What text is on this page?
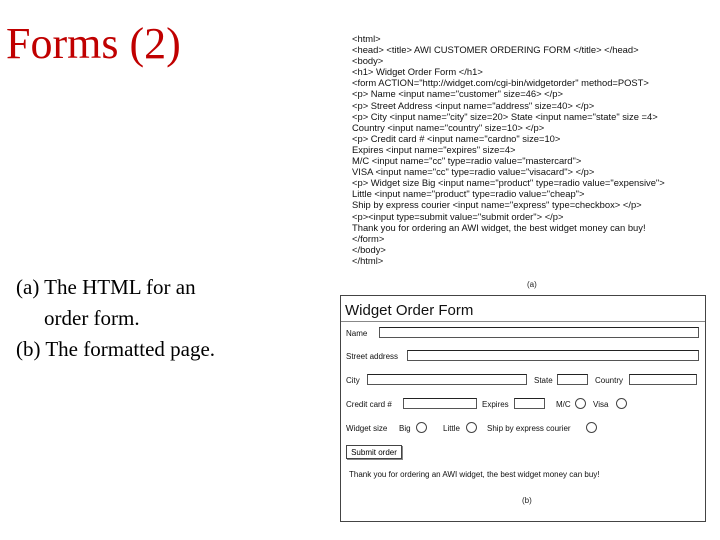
Forms (2)

(a) The HTML for an

order form.

(b) The formatted page.

<html>
<head> <title> AWI CUSTOMER ORDERING FORM </title> </head>
<body>
<h1> Widget Order Form </h1>
<form ACTION="http://widget.com/cgi-bin/widgetorder" method=POST>
<p> Name <input name="customer" size=46> </p>
<p> Street Address <input name="address" size=40> </p>
<p> City <input name="city" size=20> State <input name="state" size =4>
Country <input name="country" size=10> </p>
<p> Credit card # <input name="cardno" size=10>
Expires <input name="expires" size=4>
M/C <input name="cc" type=radio value="mastercard">
VISA <input name="cc" type=radio value="visacard"> </p>
<p> Widget size Big <input name="product" type=radio value="expensive">
Little <input name="product" type=radio value="cheap">
Ship by express courier <input name="express" type=checkbox> </p>
<p><input type=submit value="submit order"> </p>
Thank you for ordering an AWI widget, the best widget money can buy!
</form>
</body>
</html>
(a)
Widget Order Form
Name
Street address
City	State	Country
Credit card #	Expires	M/C	Visa
Widget size Big	Little	Ship by express courier
Submit order
Thank you for ordering an AWI widget, the best widget money can buy!
(b)
